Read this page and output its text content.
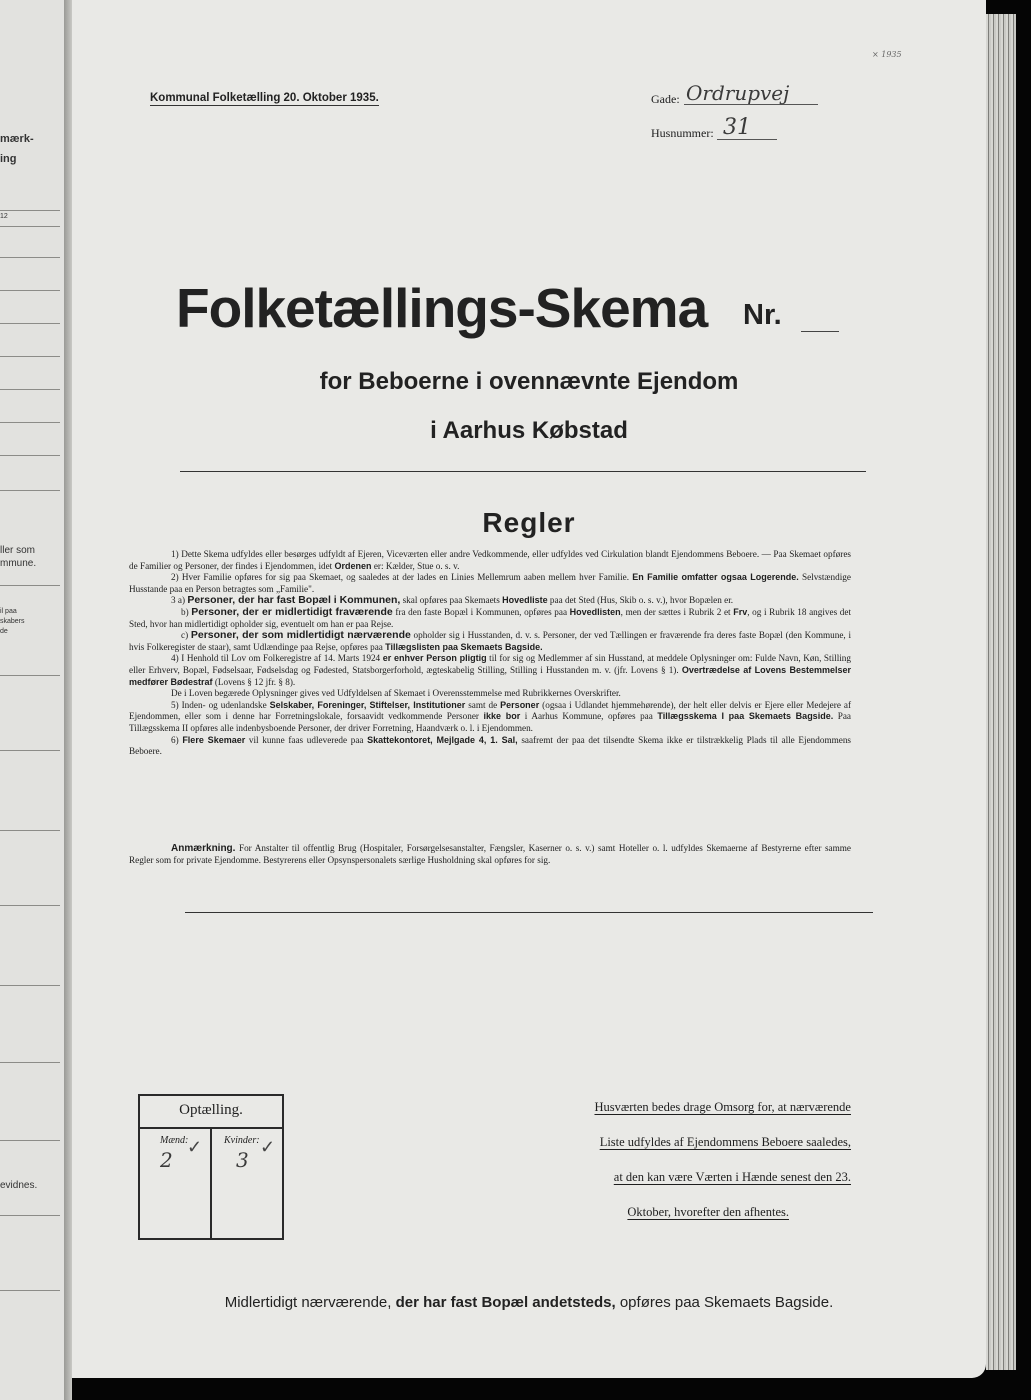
mærk-
ing
12
ller som
mmune.
il paa
skabers
de
evidnes.
Kommunal Folketælling 20. Oktober 1935.	Gade: Ordrupvej
× 1935
Husnummer: 31
Folketællings-Skema Nr.
for Beboerne i ovennævnte Ejendom
i Aarhus Købstad
Regler

1) Dette Skema udfyldes eller besørges udfyldt af Ejeren, Viceværten eller andre Vedkommende, eller udfyldes ved Cirkulation blandt Ejendommens Beboere. — Paa Skemaet opføres de Familier og Personer, der findes i Ejendommen, idet Ordenen er: Kælder, Stue o. s. v.

2) Hver Familie opføres for sig paa Skemaet, og saaledes at der lades en Linies Mellemrum aaben mellem hver Familie. En Familie omfatter ogsaa Logerende. Selvstændige Husstande paa en Person betragtes som „Familie".

3 a) Personer, der har fast Bopæl i Kommunen, skal opføres paa Skemaets Hovedliste paa det Sted (Hus, Skib o. s. v.), hvor Bopælen er.

b) Personer, der er midlertidigt fraværende fra den faste Bopæl i Kommunen, opføres paa Hovedlisten, men der sættes i Rubrik 2 et Frv, og i Rubrik 18 angives det Sted, hvor han midlertidigt opholder sig, eventuelt om han er paa Rejse.

c) Personer, der som midlertidigt nærværende opholder sig i Husstanden, d. v. s. Personer, der ved Tællingen er fraværende fra deres faste Bopæl (den Kommune, i hvis Folkeregister de staar), samt Udlændinge paa Rejse, opføres paa Tillægslisten paa Skemaets Bagside.

4) I Henhold til Lov om Folkeregistre af 14. Marts 1924 er enhver Person pligtig til for sig og Medlemmer af sin Husstand, at meddele Oplysninger om: Fulde Navn, Køn, Stilling eller Erhverv, Bopæl, Fødselsaar, Fødselsdag og Fødested, Statsborgerforhold, ægteskabelig Stilling, Stilling i Husstanden m. v. (jfr. Lovens § 1). Overtrædelse af Lovens Bestemmelser medfører Bødestraf (Lovens § 12 jfr. § 8).

De i Loven begærede Oplysninger gives ved Udfyldelsen af Skemaet i Overensstemmelse med Rubrikkernes Overskrifter.

5) Inden- og udenlandske Selskaber, Foreninger, Stiftelser, Institutioner samt de Personer (ogsaa i Udlandet hjemmehørende), der helt eller delvis er Ejere eller Medejere af Ejendommen, eller som i denne har Forretningslokale, forsaavidt vedkommende Personer ikke bor i Aarhus Kommune, opføres paa Tillægsskema I paa Skemaets Bagside. Paa Tillægsskema II opføres alle indenbysboende Personer, der driver Forretning, Haandværk o. l. i Ejendommen.

6) Flere Skemaer vil kunne faas udleverede paa Skattekontoret, Mejlgade 4, 1. Sal, saafremt der paa det tilsendte Skema ikke er tilstrækkelig Plads til alle Ejendommens Beboere.

Anmærkning. For Anstalter til offentlig Brug (Hospitaler, Forsørgelsesanstalter, Fængsler, Kaserner o. s. v.) samt Hoteller o. l. udfyldes Skemaerne af Bestyrerne efter samme Regler som for private Ejendomme. Bestyrerens eller Opsynspersonalets særlige Husholdning skal opføres for sig.
Optælling.
Mænd:	Kvinder:
2	3
✓	✓

Husværten bedes drage Omsorg for, at nærværende

Liste udfyldes af Ejendommens Beboere saaledes,

at den kan være Værten i Hænde senest den 23.

Oktober, hvorefter den afhentes.

Midlertidigt nærværende, der har fast Bopæl andetsteds, opføres paa Skemaets Bagside.
